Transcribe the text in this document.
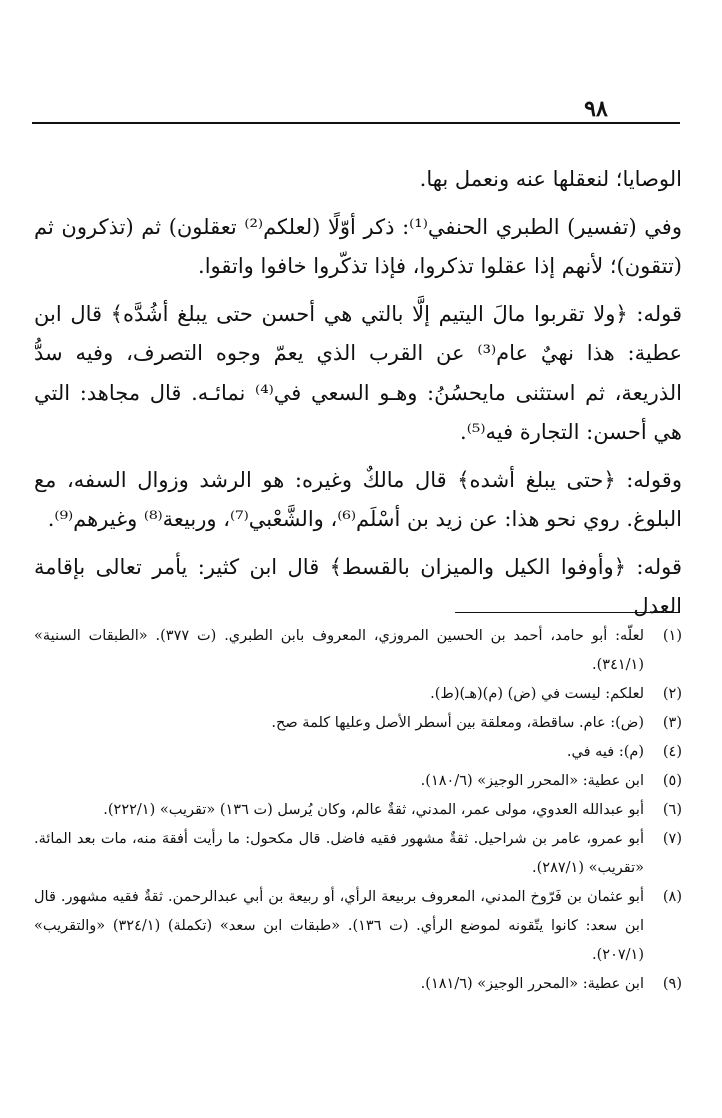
٩٨

الوصايا؛ لنعقلها عنه ونعمل بها.

وفي (تفسير) الطبري الحنفي⁽¹⁾: ذكر أوّلًا (لعلكم⁽²⁾ تعقلون) ثم (تذكرون ثم (تتقون)؛ لأنهم إذا عقلوا تذكروا، فإذا تذكّروا خافوا واتقوا.

قوله: ﴿ولا تقربوا مالَ اليتيم إلَّا بالتي هي أحسن حتى يبلغ أشُدَّه﴾ قال ابن عطية: هذا نهيٌ عام⁽³⁾ عن القرب الذي يعمّ وجوه التصرف، وفيه سدُّ الذريعة، ثم استثنى مايحسُنُ: وهـو السعي في⁽⁴⁾ نمائـه. قال مجاهد: التي هي أحسن: التجارة فيه⁽⁵⁾.

وقوله: ﴿حتى يبلغ أشده﴾ قال مالكٌ وغيره: هو الرشد وزوال السفه، مع البلوغ. روي نحو هذا: عن زيد بن أسْلَم⁽⁶⁾، والشَّعْبي⁽⁷⁾، وربيعة⁽⁸⁾ وغيرهم⁽⁹⁾.

قوله: ﴿وأوفوا الكيل والميزان بالقسط﴾ قال ابن كثير: يأمر تعالى بإقامة العدل

(١)
لعلّه: أبو حامد، أحمد بن الحسين المروزي، المعروف بابن الطبري. (ت ٣٧٧). «الطبقات السنية» (٣٤١/١).
(٢)
لعلكم: ليست في (ض) (م)(هـ)(ط).
(٣)
(ض): عام. ساقطة، ومعلقة بين أسطر الأصل وعليها كلمة صح.
(٤)
(م): فيه في.
(٥)
ابن عطية: «المحرر الوجيز» (١٨٠/٦).
(٦)
أبو عبدالله العدوي، مولى عمر، المدني، ثقةٌ عالم، وكان يُرسل (ت ١٣٦) «تقريب» (٢٢٢/١).
(٧)
أبو عمرو، عامر بن شراحيل. ثقةٌ مشهور فقيه فاضل. قال مكحول: ما رأيت أفقهَ منه، مات بعد المائة. «تقريب» (٢٨٧/١).
(٨)
أبو عثمان بن فَرّوخ المدني، المعروف بربيعة الرأي، أو ربيعة بن أبي عبدالرحمن. ثقةٌ فقيه مشهور. قال ابن سعد: كانوا يتّقونه لموضع الرأي. (ت ١٣٦). «طبقات ابن سعد» (تكملة) (٣٢٤/١) «والتقريب» (٢٠٧/١).
(٩)
ابن عطية: «المحرر الوجيز» (١٨١/٦).
